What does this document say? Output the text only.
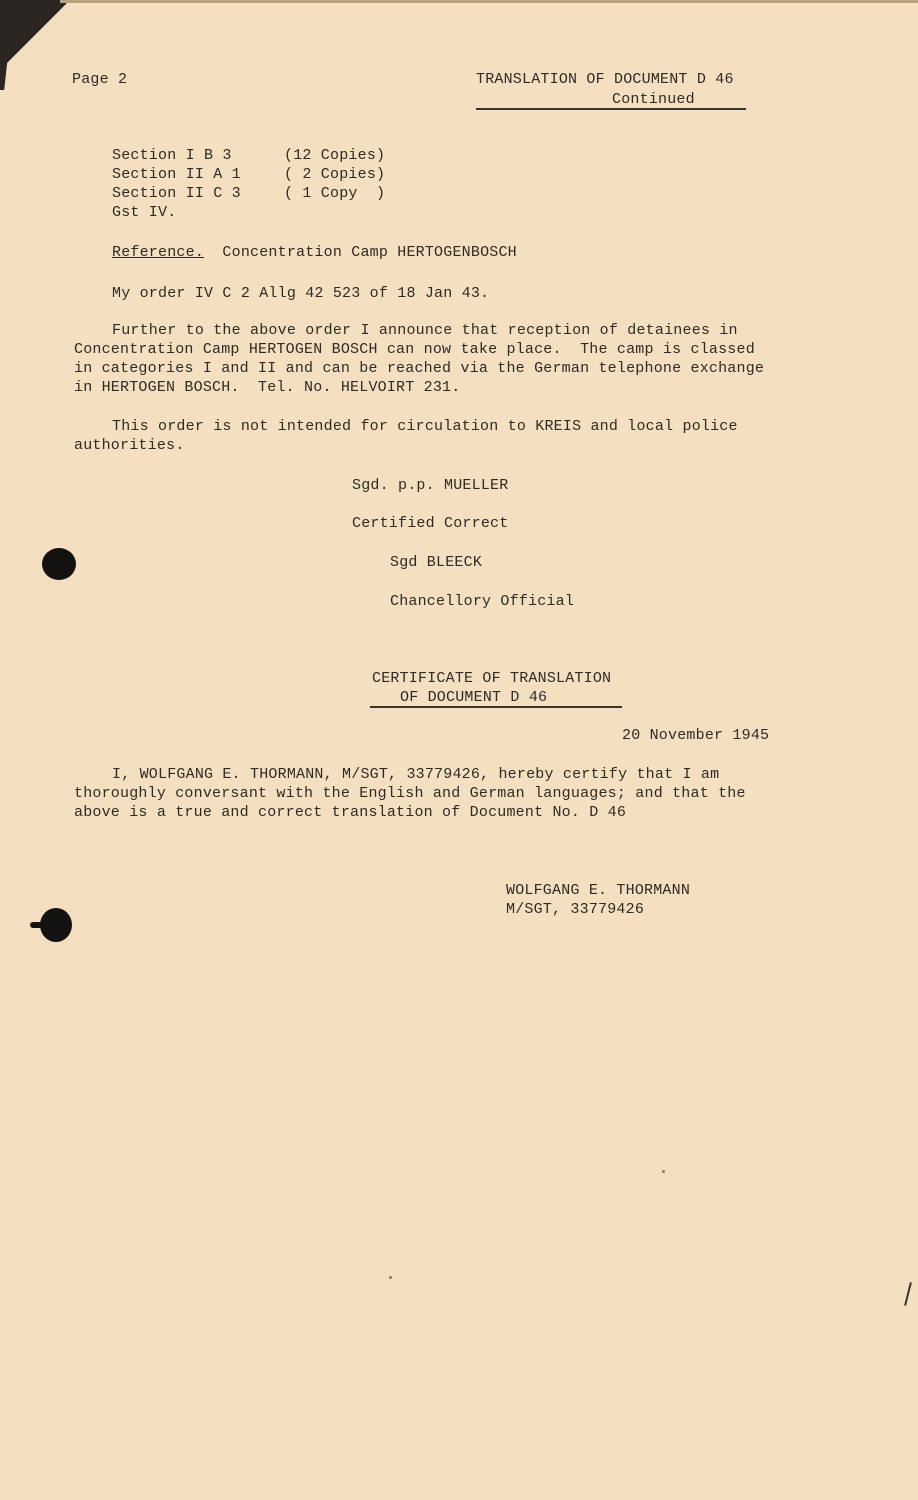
Page 2	TRANSLATION OF DOCUMENT D 46
Continued
Section I B 3	(12 Copies)
Section II A 1	( 2 Copies)
Section II C 3	( 1 Copy  )
Gst IV.
Reference. Concentration Camp HERTOGENBOSCH
My order IV C 2 Allg 42 523 of 18 Jan 43.
Further to the above order I announce that reception of detainees in
Concentration Camp HERTOGEN BOSCH can now take place.  The camp is classed
in categories I and II and can be reached via the German telephone exchange
in HERTOGEN BOSCH.  Tel. No. HELVOIRT 231.
This order is not intended for circulation to KREIS and local police
authorities.
Sgd. p.p. MUELLER
Certified Correct
Sgd BLEECK
Chancellory Official
CERTIFICATE OF TRANSLATION
OF DOCUMENT D 46
20 November 1945
I, WOLFGANG E. THORMANN, M/SGT, 33779426, hereby certify that I am
thoroughly conversant with the English and German languages; and that the
above is a true and correct translation of Document No. D 46
WOLFGANG E. THORMANN
M/SGT, 33779426
